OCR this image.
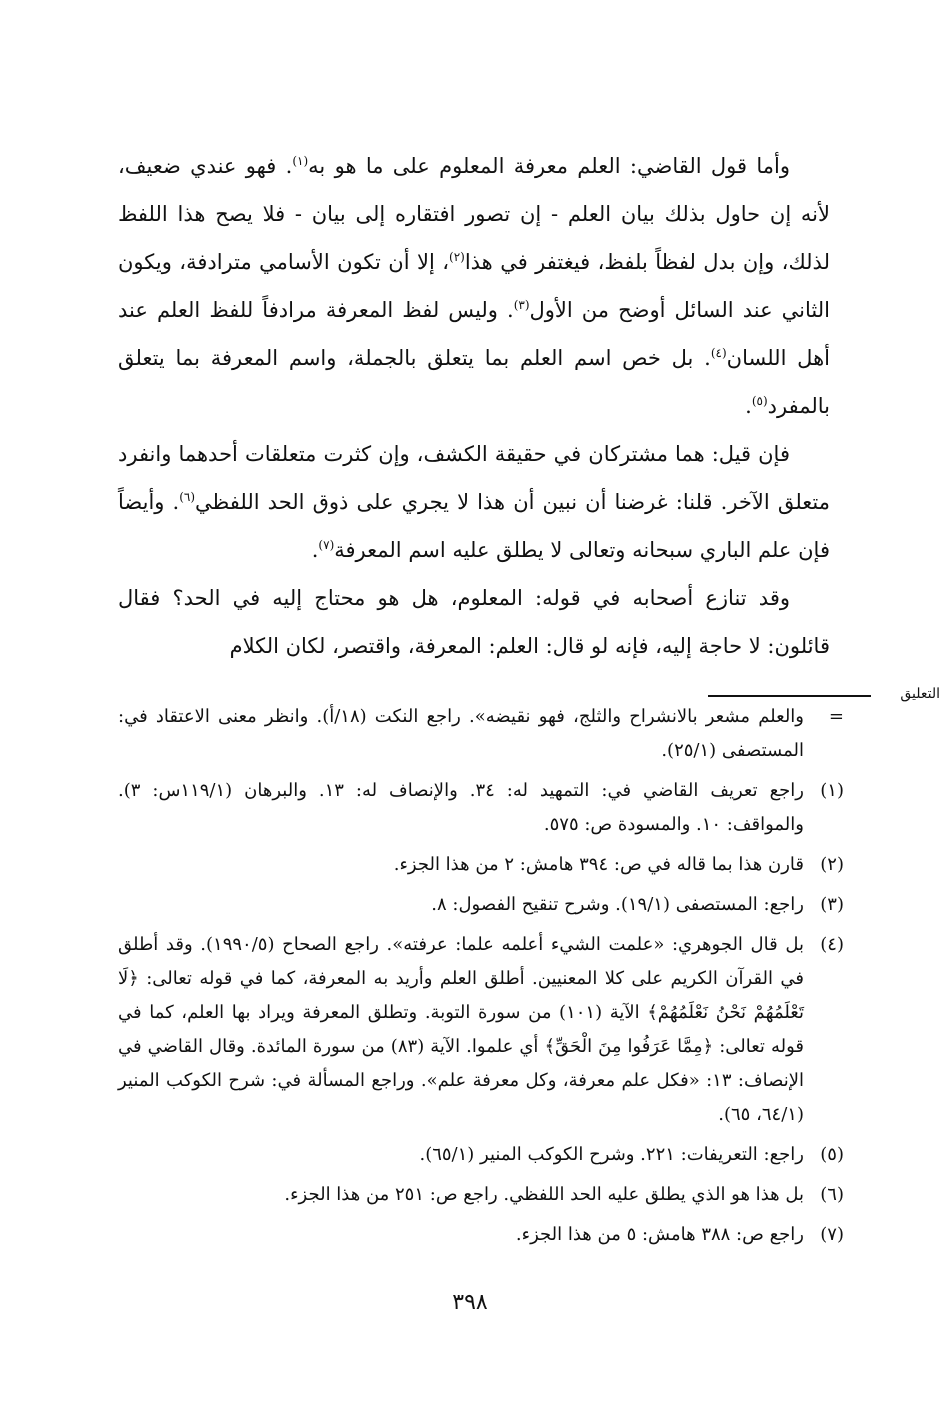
وأما قول القاضي: العلم معرفة المعلوم على ما هو به$^{(١)}$. فهو عندي ضعيف، لأنه إن حاول بذلك بيان العلم - إن تصور افتقاره إلى بيان - فلا يصح هذا اللفظ لذلك، وإن بدل لفظاً بلفظ، فيغتفر في هذا$^{(٢)}$، إلا أن تكون الأسامي مترادفة، ويكون الثاني عند السائل أوضح من الأول$^{(٣)}$. وليس لفظ المعرفة مرادفاً للفظ العلم عند أهل اللسان$^{(٤)}$. بل خص اسم العلم بما يتعلق بالجملة، واسم المعرفة بما يتعلق بالمفرد$^{(٥)}$.

فإن قيل: هما مشتركان في حقيقة الكشف، وإن كثرت متعلقات أحدهما وانفرد متعلق الآخر. قلنا: غرضنا أن نبين أن هذا لا يجري على ذوق الحد اللفظي$^{(٦)}$. وأيضاً فإن علم الباري سبحانه وتعالى لا يطلق عليه اسم المعرفة$^{(٧)}$.

وقد تنازع أصحابه في قوله: المعلوم، هل هو محتاج إليه في الحد؟ فقال قائلون: لا حاجة إليه، فإنه لو قال: العلم: المعرفة، واقتصر، لكان الكلام

التعليق
=
والعلم مشعر بالانشراح والثلج، فهو نقيضه». راجع النكت (١٨/أ). وانظر معنى الاعتقاد في: المستصفى (٢٥/١).
(١)
راجع تعريف القاضي في: التمهيد له: ٣٤. والإنصاف له: ١٣. والبرهان (١١٩/١س: ٣). والمواقف: ١٠. والمسودة ص: ٥٧٥.
(٢)
قارن هذا بما قاله في ص: ٣٩٤ هامش: ٢ من هذا الجزء.
(٣)
راجع: المستصفى (١٩/١). وشرح تنقيح الفصول: ٨.
(٤)
بل قال الجوهري: «علمت الشيء أعلمه علما: عرفته». راجع الصحاح (١٩٩٠/٥). وقد أطلق في القرآن الكريم على كلا المعنيين. أطلق العلم وأريد به المعرفة، كما في قوله تعالى: ﴿لَا تَعْلَمُهُمْ نَحْنُ نَعْلَمُهُمْ﴾ الآية (١٠١) من سورة التوبة. وتطلق المعرفة ويراد بها العلم، كما في قوله تعالى: ﴿مِمَّا عَرَفُوا مِنَ الْحَقِّ﴾ أي علموا. الآية (٨٣) من سورة المائدة. وقال القاضي في الإنصاف: ١٣: «فكل علم معرفة، وكل معرفة علم». وراجع المسألة في: شرح الكوكب المنير (٦٤/١، ٦٥).
(٥)
راجع: التعريفات: ٢٢١. وشرح الكوكب المنير (٦٥/١).
(٦)
بل هذا هو الذي يطلق عليه الحد اللفظي. راجع ص: ٢٥١ من هذا الجزء.
(٧)
راجع ص: ٣٨٨ هامش: ٥ من هذا الجزء.
٣٩٨
